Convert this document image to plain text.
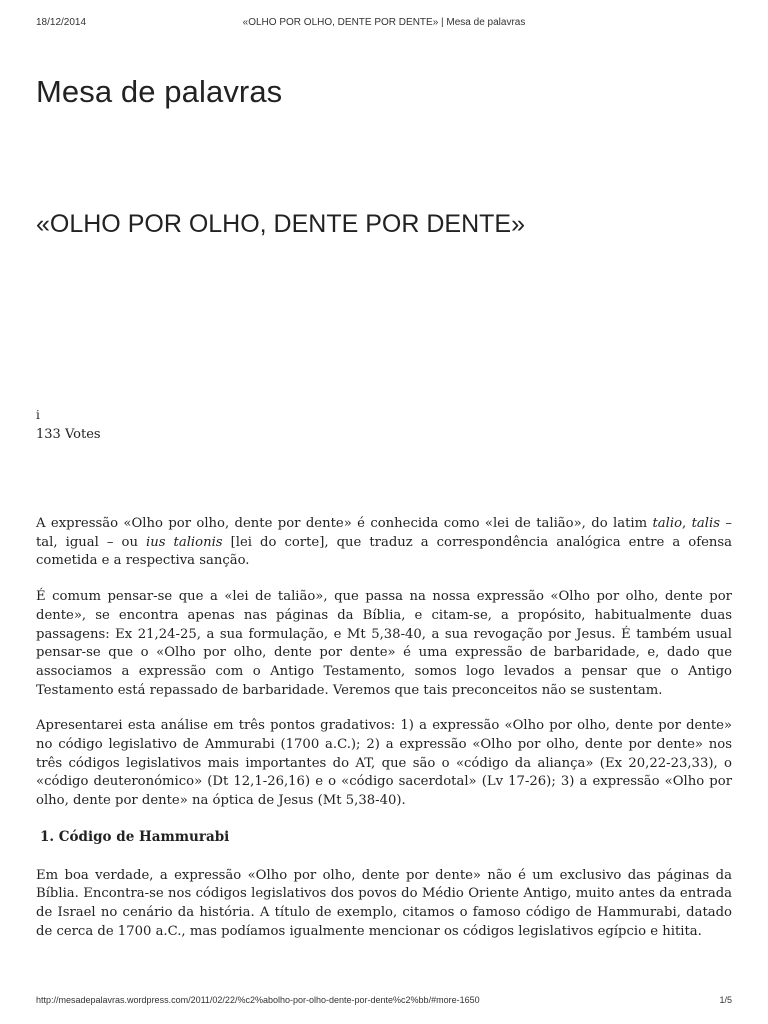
18/12/2014	«OLHO POR OLHO, DENTE POR DENTE» | Mesa de palavras
Mesa de palavras
«OLHO POR OLHO, DENTE POR DENTE»
i
133 Votes

A expressão «Olho por olho, dente por dente» é conhecida como «lei de talião», do latim talio, talis – tal, igual – ou ius talionis [lei do corte], que traduz a correspondência analógica entre a ofensa cometida e a respectiva sanção.

É comum pensar-se que a «lei de talião», que passa na nossa expressão «Olho por olho, dente por dente», se encontra apenas nas páginas da Bíblia, e citam-se, a propósito, habitualmente duas passagens: Ex 21,24-25, a sua formulação, e Mt 5,38-40, a sua revogação por Jesus. É também usual pensar-se que o «Olho por olho, dente por dente» é uma expressão de barbaridade, e, dado que associamos a expressão com o Antigo Testamento, somos logo levados a pensar que o Antigo Testamento está repassado de barbaridade. Veremos que tais preconceitos não se sustentam.

Apresentarei esta análise em três pontos gradativos: 1) a expressão «Olho por olho, dente por dente» no código legislativo de Ammurabi (1700 a.C.); 2) a expressão «Olho por olho, dente por dente» nos três códigos legislativos mais importantes do AT, que são o «código da aliança» (Ex 20,22-23,33), o «código deuteronómico» (Dt 12,1-26,16) e o «código sacerdotal» (Lv 17-26); 3) a expressão «Olho por olho, dente por dente» na óptica de Jesus (Mt 5,38-40).

1. Código de Hammurabi

Em boa verdade, a expressão «Olho por olho, dente por dente» não é um exclusivo das páginas da Bíblia. Encontra-se nos códigos legislativos dos povos do Médio Oriente Antigo, muito antes da entrada de Israel no cenário da história. A título de exemplo, citamos o famoso código de Hammurabi, datado de cerca de 1700 a.C., mas podíamos igualmente mencionar os códigos legislativos egípcio e hitita.

http://mesadepalavras.wordpress.com/2011/02/22/%c2%abolho-por-olho-dente-por-dente%c2%bb/#more-1650	1/5
